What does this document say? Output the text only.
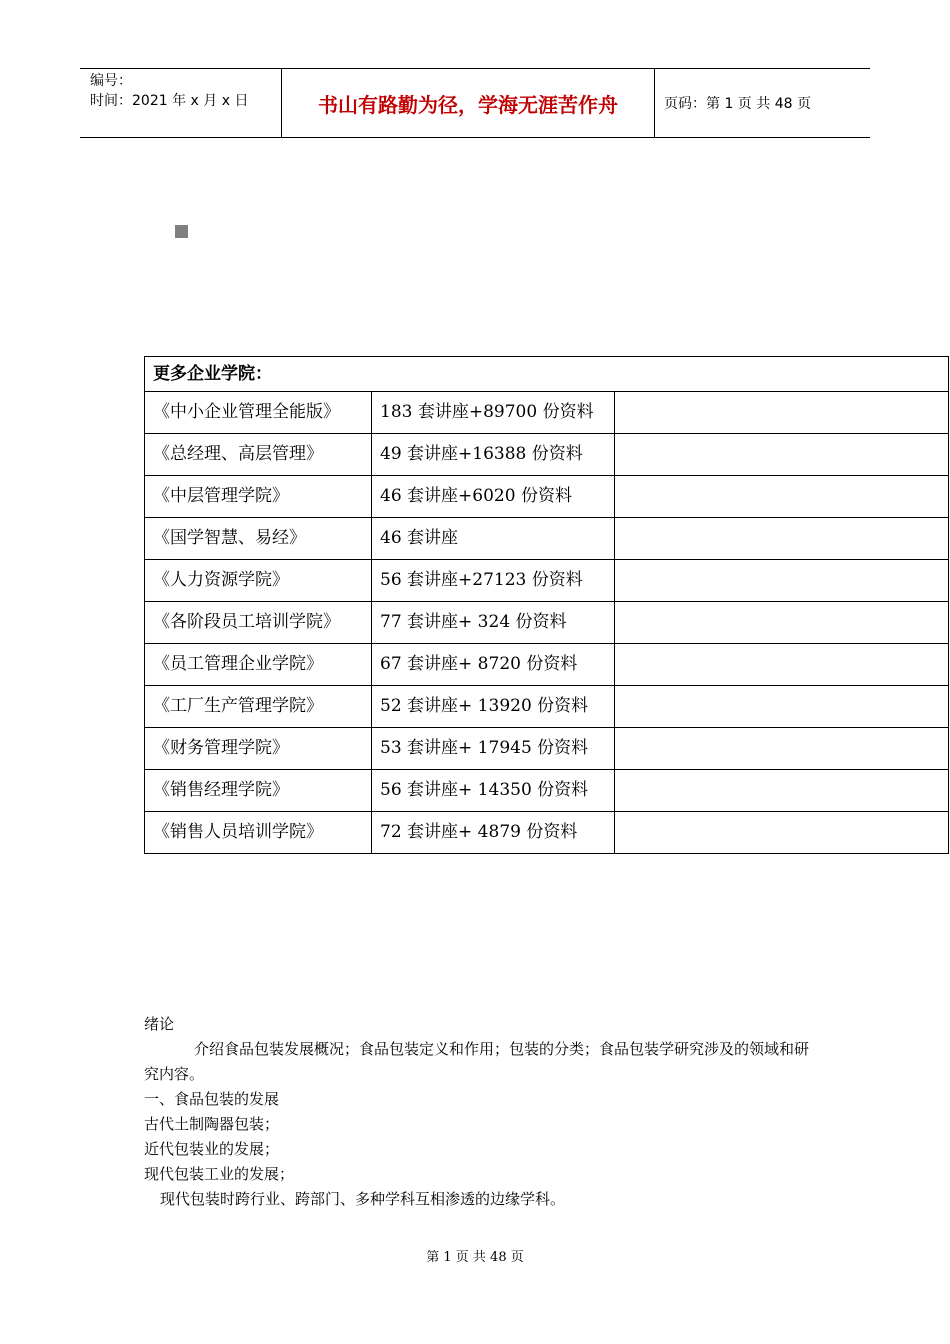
编号：
时间：2021 年 x 月 x 日	书山有路勤为径，学海无涯苦作舟	页码：第 1 页 共 48 页
更多企业学院：		
《中小企业管理全能版》	183 套讲座+89700 份资料	
《总经理、高层管理》	49 套讲座+16388 份资料	
《中层管理学院》	46 套讲座+6020 份资料	
《国学智慧、易经》	46 套讲座	
《人力资源学院》	56 套讲座+27123 份资料	
《各阶段员工培训学院》	77 套讲座+ 324 份资料	
《员工管理企业学院》	67 套讲座+ 8720 份资料	
《工厂生产管理学院》	52 套讲座+ 13920 份资料	
《财务管理学院》	53 套讲座+ 17945 份资料	
《销售经理学院》	56 套讲座+ 14350 份资料	
《销售人员培训学院》	72 套讲座+ 4879 份资料	

绪论

介绍食品包装发展概况；食品包装定义和作用；包装的分类；食品包装学研究涉及的领域和研究内容。

一、食品包装的发展

古代土制陶器包装；

近代包装业的发展；

现代包装工业的发展；

现代包装时跨行业、跨部门、多种学科互相渗透的边缘学科。

第 1 页 共 48 页
